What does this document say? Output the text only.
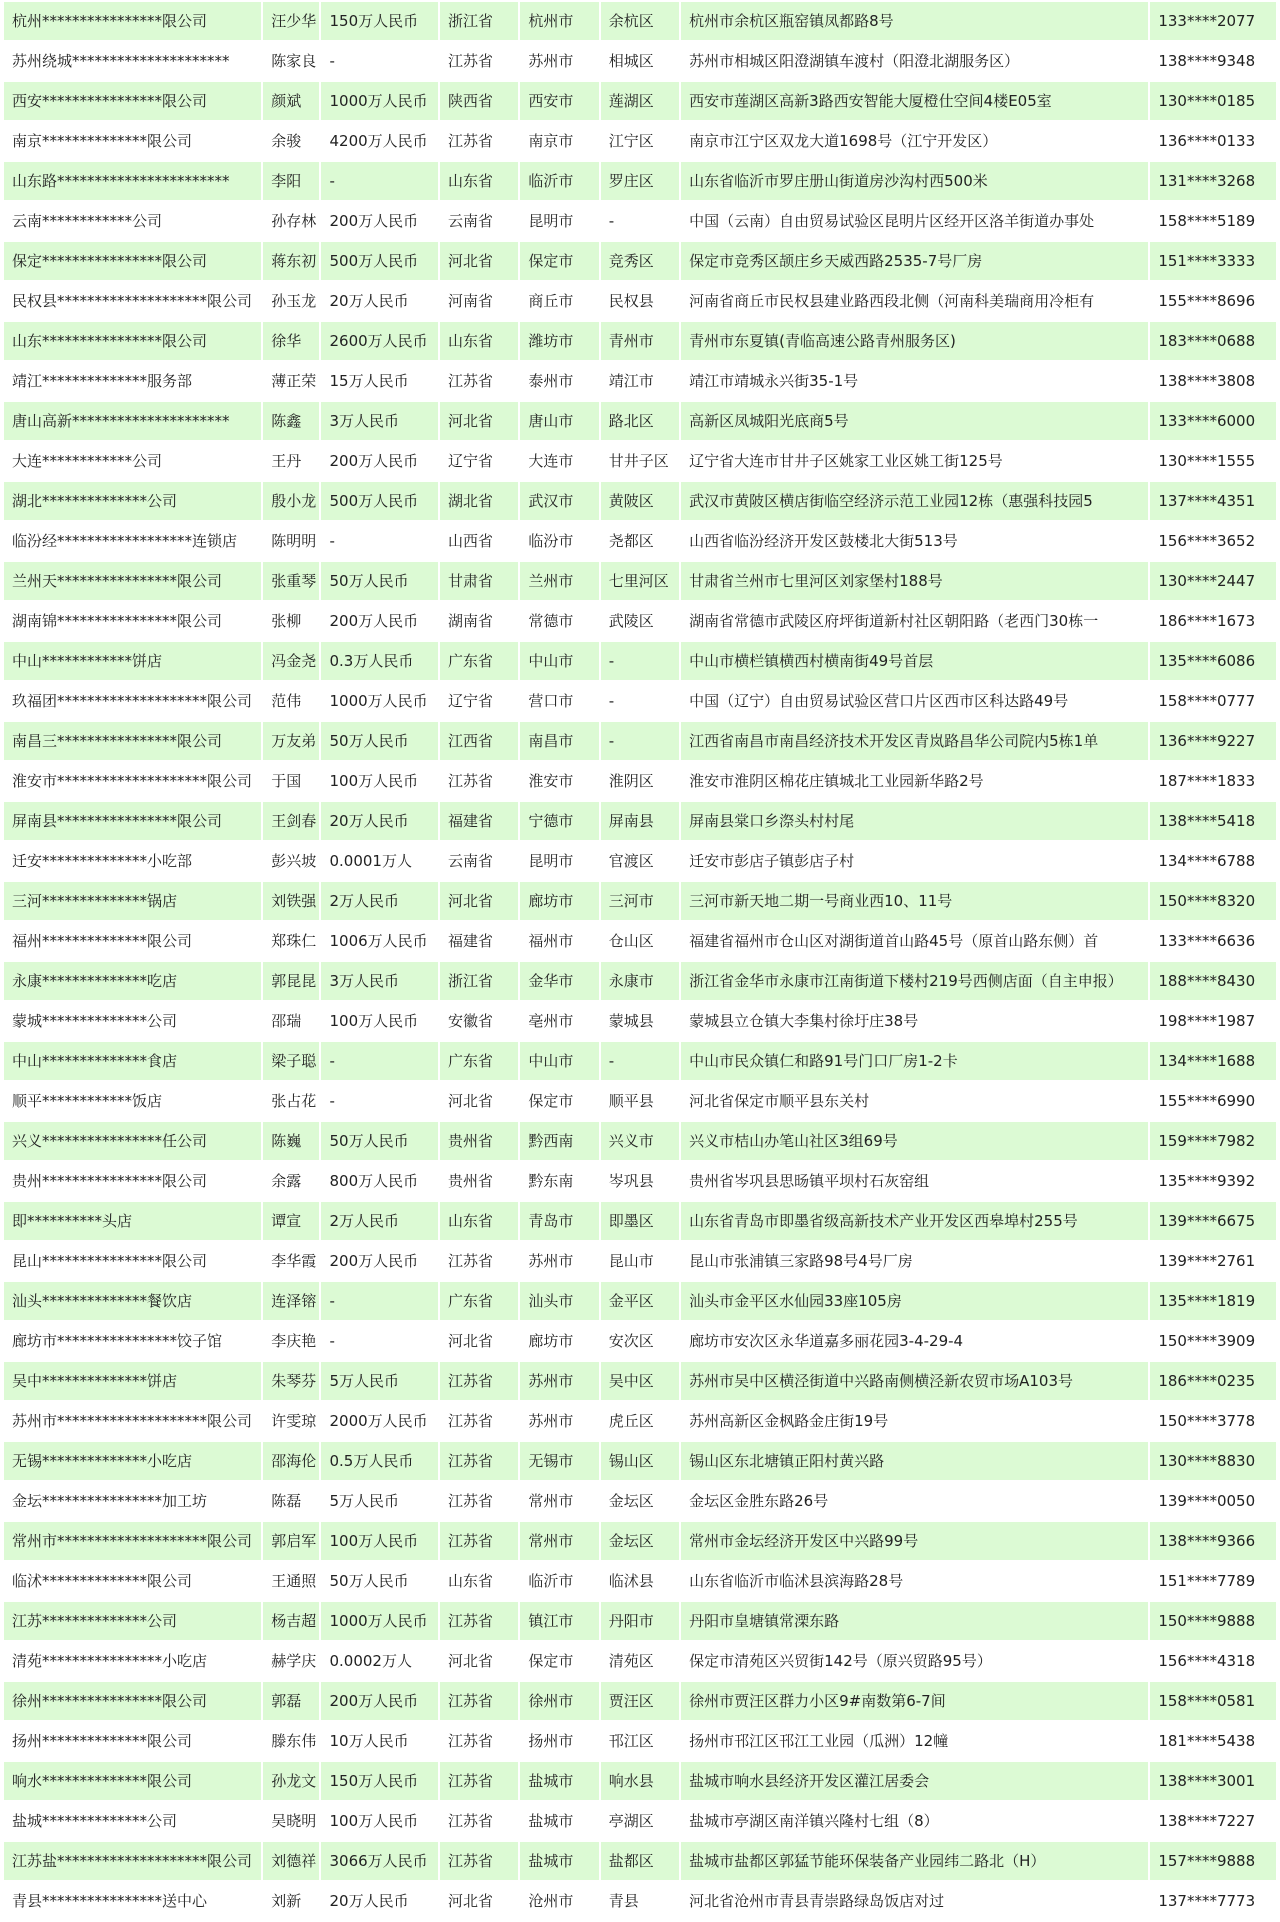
杭州****************限公司	汪少华	150万人民币	浙江省	杭州市	余杭区	杭州市余杭区瓶窑镇凤都路8号	133****2077
苏州绕城*********************	陈家良	-	江苏省	苏州市	相城区	苏州市相城区阳澄湖镇车渡村（阳澄北湖服务区）	138****9348
西安****************限公司	颜斌	1000万人民币	陕西省	西安市	莲湖区	西安市莲湖区高新3路西安智能大厦橙仕空间4楼E05室	130****0185
南京**************限公司	余骏	4200万人民币	江苏省	南京市	江宁区	南京市江宁区双龙大道1698号（江宁开发区）	136****0133
山东路***********************	李阳	-	山东省	临沂市	罗庄区	山东省临沂市罗庄册山街道房沙沟村西500米	131****3268
云南************公司	孙存林	200万人民币	云南省	昆明市	-	中国（云南）自由贸易试验区昆明片区经开区洛羊街道办事处	158****5189
保定****************限公司	蒋东初	500万人民币	河北省	保定市	竞秀区	保定市竞秀区颉庄乡天威西路2535-7号厂房	151****3333
民权县********************限公司	孙玉龙	20万人民币	河南省	商丘市	民权县	河南省商丘市民权县建业路西段北侧（河南科美瑞商用冷柜有	155****8696
山东****************限公司	徐华	2600万人民币	山东省	潍坊市	青州市	青州市东夏镇(青临高速公路青州服务区)	183****0688
靖江**************服务部	薄正荣	15万人民币	江苏省	泰州市	靖江市	靖江市靖城永兴街35-1号	138****3808
唐山高新*********************	陈鑫	3万人民币	河北省	唐山市	路北区	高新区凤城阳光底商5号	133****6000
大连************公司	王丹	200万人民币	辽宁省	大连市	甘井子区	辽宁省大连市甘井子区姚家工业区姚工街125号	130****1555
湖北**************公司	殷小龙	500万人民币	湖北省	武汉市	黄陂区	武汉市黄陂区横店街临空经济示范工业园12栋（惠强科技园5	137****4351
临汾经******************连锁店	陈明明	-	山西省	临汾市	尧都区	山西省临汾经济开发区鼓楼北大街513号	156****3652
兰州天****************限公司	张重琴	50万人民币	甘肃省	兰州市	七里河区	甘肃省兰州市七里河区刘家堡村188号	130****2447
湖南锦****************限公司	张柳	200万人民币	湖南省	常德市	武陵区	湖南省常德市武陵区府坪街道新村社区朝阳路（老西门30栋一	186****1673
中山************饼店	冯金尧	0.3万人民币	广东省	中山市	-	中山市横栏镇横西村横南街49号首层	135****6086
玖福团********************限公司	范伟	1000万人民币	辽宁省	营口市	-	中国（辽宁）自由贸易试验区营口片区西市区科达路49号	158****0777
南昌三****************限公司	万友弟	50万人民币	江西省	南昌市	-	江西省南昌市南昌经济技术开发区青岚路昌华公司院内5栋1单	136****9227
淮安市********************限公司	于国	100万人民币	江苏省	淮安市	淮阴区	淮安市淮阴区棉花庄镇城北工业园新华路2号	187****1833
屏南县****************限公司	王剑春	20万人民币	福建省	宁德市	屏南县	屏南县棠口乡漈头村村尾	138****5418
迁安**************小吃部	彭兴坡	0.0001万人	云南省	昆明市	官渡区	迁安市彭店子镇彭店子村	134****6788
三河**************锅店	刘铁强	2万人民币	河北省	廊坊市	三河市	三河市新天地二期一号商业西10、11号	150****8320
福州**************限公司	郑珠仁	1006万人民币	福建省	福州市	仓山区	福建省福州市仓山区对湖街道首山路45号（原首山路东侧）首	133****6636
永康**************吃店	郭昆昆	3万人民币	浙江省	金华市	永康市	浙江省金华市永康市江南街道下楼村219号西侧店面（自主申报）	188****8430
蒙城**************公司	邵瑞	100万人民币	安徽省	亳州市	蒙城县	蒙城县立仓镇大李集村徐圩庄38号	198****1987
中山**************食店	梁子聪	-	广东省	中山市	-	中山市民众镇仁和路91号门口厂房1-2卡	134****1688
顺平************饭店	张占花	-	河北省	保定市	顺平县	河北省保定市顺平县东关村	155****6990
兴义****************任公司	陈巍	50万人民币	贵州省	黔西南	兴义市	兴义市桔山办笔山社区3组69号	159****7982
贵州****************限公司	余露	800万人民币	贵州省	黔东南	岑巩县	贵州省岑巩县思旸镇平坝村石灰窑组	135****9392
即**********头店	谭宣	2万人民币	山东省	青岛市	即墨区	山东省青岛市即墨省级高新技术产业开发区西皋埠村255号	139****6675
昆山****************限公司	李华霞	200万人民币	江苏省	苏州市	昆山市	昆山市张浦镇三家路98号4号厂房	139****2761
汕头**************餐饮店	连泽镕	-	广东省	汕头市	金平区	汕头市金平区水仙园33座105房	135****1819
廊坊市****************饺子馆	李庆艳	-	河北省	廊坊市	安次区	廊坊市安次区永华道嘉多丽花园3-4-29-4	150****3909
吴中**************饼店	朱琴芬	5万人民币	江苏省	苏州市	吴中区	苏州市吴中区横泾街道中兴路南侧横泾新农贸市场A103号	186****0235
苏州市********************限公司	许雯琼	2000万人民币	江苏省	苏州市	虎丘区	苏州高新区金枫路金庄街19号	150****3778
无锡**************小吃店	邵海伦	0.5万人民币	江苏省	无锡市	锡山区	锡山区东北塘镇正阳村黄兴路	130****8830
金坛****************加工坊	陈磊	5万人民币	江苏省	常州市	金坛区	金坛区金胜东路26号	139****0050
常州市********************限公司	郭启军	100万人民币	江苏省	常州市	金坛区	常州市金坛经济开发区中兴路99号	138****9366
临沭**************限公司	王通照	50万人民币	山东省	临沂市	临沭县	山东省临沂市临沭县滨海路28号	151****7789
江苏**************公司	杨吉超	1000万人民币	江苏省	镇江市	丹阳市	丹阳市皇塘镇常溧东路	150****9888
清苑****************小吃店	赫学庆	0.0002万人	河北省	保定市	清苑区	保定市清苑区兴贸街142号（原兴贸路95号）	156****4318
徐州****************限公司	郭磊	200万人民币	江苏省	徐州市	贾汪区	徐州市贾汪区群力小区9#南数第6-7间	158****0581
扬州**************限公司	滕东伟	10万人民币	江苏省	扬州市	邗江区	扬州市邗江区邗江工业园（瓜洲）12幢	181****5438
响水**************限公司	孙龙文	150万人民币	江苏省	盐城市	响水县	盐城市响水县经济开发区灌江居委会	138****3001
盐城**************公司	吴晓明	100万人民币	江苏省	盐城市	亭湖区	盐城市亭湖区南洋镇兴隆村七组（8）	138****7227
江苏盐********************限公司	刘德祥	3066万人民币	江苏省	盐城市	盐都区	盐城市盐都区郭猛节能环保装备产业园纬二路北（H）	157****9888
青县****************送中心	刘新	20万人民币	河北省	沧州市	青县	河北省沧州市青县青崇路绿岛饭店对过	137****7773
